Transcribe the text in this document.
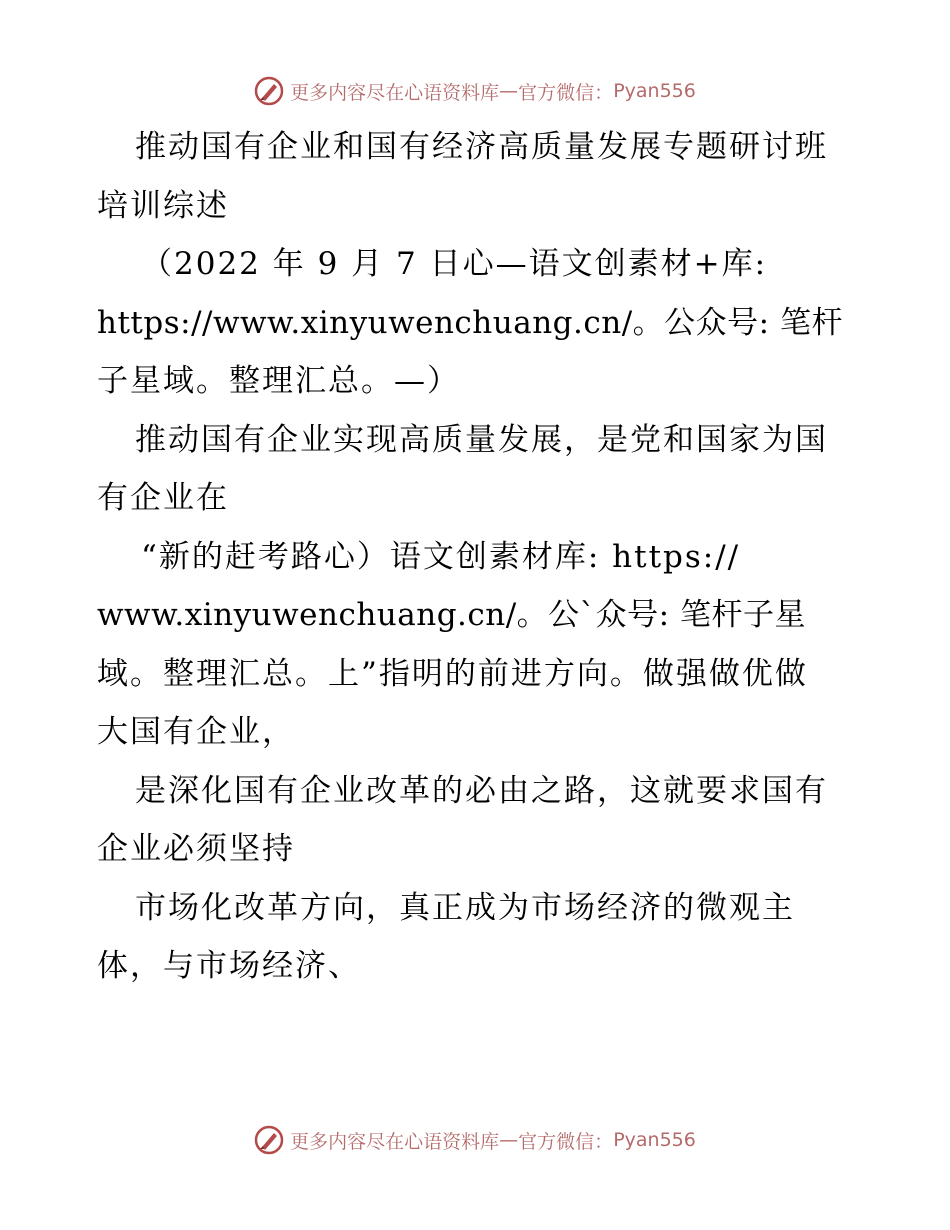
更多内容尽在心语资料库 — 官方微信： Pyan556
推动国有企业和国有经济高质量发展专题研讨班
培训综述
（2022 年 9 月 7 日心—语文创素材+库:
https://www.xinyuwenchuang.cn/。公众号: 笔杆
子星域。整理汇总。—）
推动国有企业实现高质量发展，是党和国家为国
有企业在
“新的赶考路心）语文创素材库: https://
www.xinyuwenchuang.cn/。公`众号: 笔杆子星
域。整理汇总。上”指明的前进方向。做强做优做
大国有企业，
是深化国有企业改革的必由之路，这就要求国有
企业必须坚持
市场化改革方向，真正成为市场经济的微观主
体，与市场经济、
更多内容尽在心语资料库 — 官方微信： Pyan556
